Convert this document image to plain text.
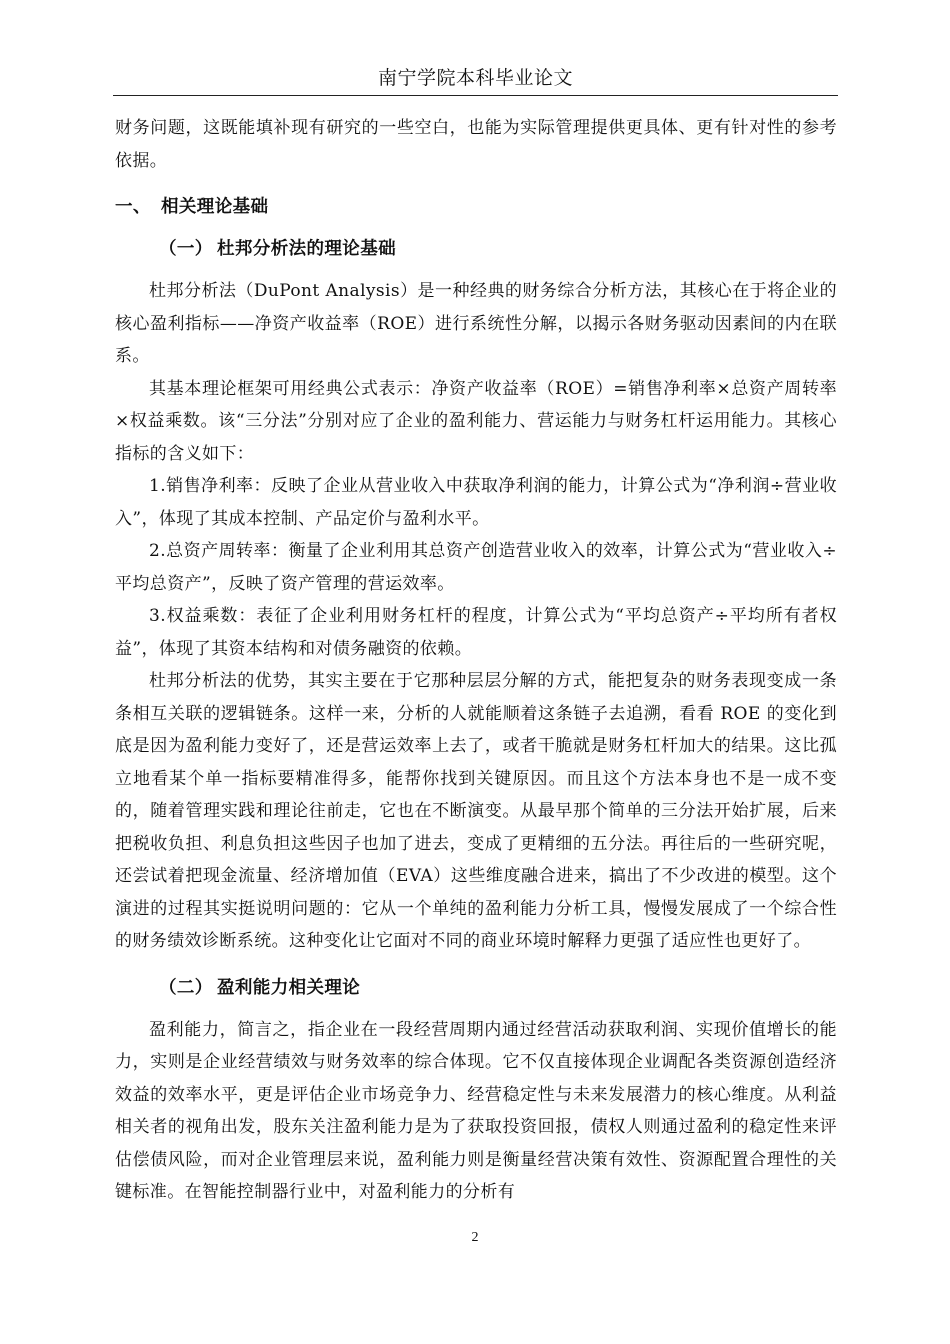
南宁学院本科毕业论文

财务问题，这既能填补现有研究的一些空白，也能为实际管理提供更具体、更有针对性的参考依据。

一、 相关理论基础
（一） 杜邦分析法的理论基础

杜邦分析法（DuPont Analysis）是一种经典的财务综合分析方法，其核心在于将企业的核心盈利指标——净资产收益率（ROE）进行系统性分解，以揭示各财务驱动因素间的内在联系。

其基本理论框架可用经典公式表示：净资产收益率（ROE）=销售净利率×总资产周转率×权益乘数。该“三分法”分别对应了企业的盈利能力、营运能力与财务杠杆运用能力。其核心指标的含义如下：

1.销售净利率：反映了企业从营业收入中获取净利润的能力，计算公式为“净利润÷营业收入”，体现了其成本控制、产品定价与盈利水平。

2.总资产周转率：衡量了企业利用其总资产创造营业收入的效率，计算公式为“营业收入÷平均总资产”，反映了资产管理的营运效率。

3.权益乘数：表征了企业利用财务杠杆的程度，计算公式为“平均总资产÷平均所有者权益”，体现了其资本结构和对债务融资的依赖。

杜邦分析法的优势，其实主要在于它那种层层分解的方式，能把复杂的财务表现变成一条条相互关联的逻辑链条。这样一来，分析的人就能顺着这条链子去追溯，看看 ROE 的变化到底是因为盈利能力变好了，还是营运效率上去了，或者干脆就是财务杠杆加大的结果。这比孤立地看某个单一指标要精准得多，能帮你找到关键原因。而且这个方法本身也不是一成不变的，随着管理实践和理论往前走，它也在不断演变。从最早那个简单的三分法开始扩展，后来把税收负担、利息负担这些因子也加了进去，变成了更精细的五分法。再往后的一些研究呢，还尝试着把现金流量、经济增加值（EVA）这些维度融合进来，搞出了不少改进的模型。这个演进的过程其实挺说明问题的：它从一个单纯的盈利能力分析工具，慢慢发展成了一个综合性的财务绩效诊断系统。这种变化让它面对不同的商业环境时解释力更强了适应性也更好了。

（二） 盈利能力相关理论

盈利能力，简言之，指企业在一段经营周期内通过经营活动获取利润、实现价值增长的能力，实则是企业经营绩效与财务效率的综合体现。它不仅直接体现企业调配各类资源创造经济效益的效率水平，更是评估企业市场竞争力、经营稳定性与未来发展潜力的核心维度。从利益相关者的视角出发，股东关注盈利能力是为了获取投资回报，债权人则通过盈利的稳定性来评估偿债风险，而对企业管理层来说，盈利能力则是衡量经营决策有效性、资源配置合理性的关键标准。在智能控制器行业中，对盈利能力的分析有

2
